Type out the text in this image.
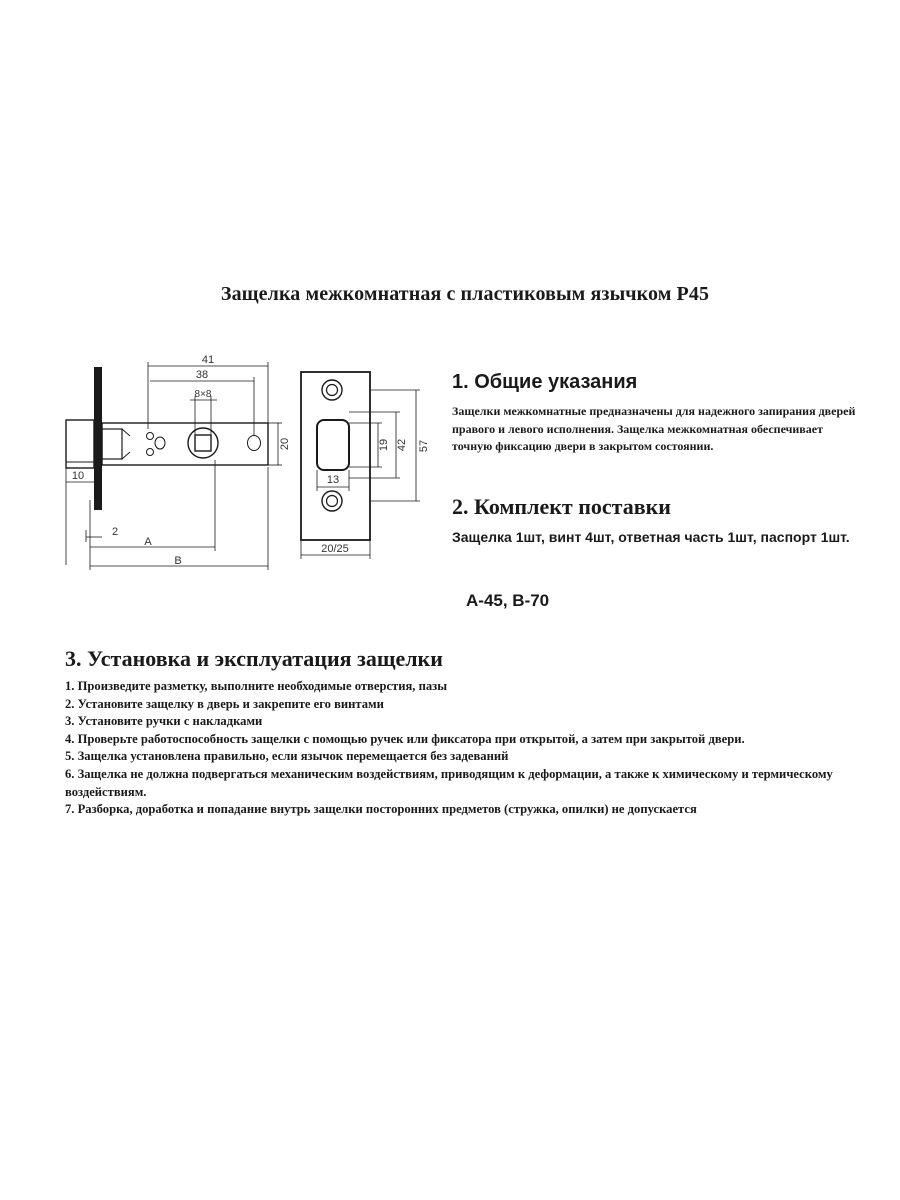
Защелка межкомнатная с пластиковым язычком Р45
41
38
8×8
20
10
2
A
B
19 42 57
13
20/25
1. Общие указания
Защелки межкомнатные предназначены для надежного запирания дверей правого и левого исполнения. Защелка межкомнатная обеспечивает точную фиксацию двери в закрытом состоянии.
2. Комплект поставки
Защелка 1шт, винт 4шт, ответная часть 1шт, паспорт 1шт.
А-45, В-70
3. Установка и эксплуатация защелки
1. Произведите разметку, выполните необходимые отверстия, пазы
2. Установите защелку в дверь и закрепите его винтами
3. Установите ручки с накладками
4. Проверьте работоспособность защелки с помощью ручек или фиксатора при открытой, а затем при закрытой двери.
5. Защелка установлена правильно, если язычок перемещается без задеваний
6. Защелка не должна подвергаться механическим воздействиям, приводящим к деформации, а также к химическому и термическому воздействиям.
7. Разборка, доработка и попадание внутрь защелки посторонних предметов (стружка, опилки) не допускается
